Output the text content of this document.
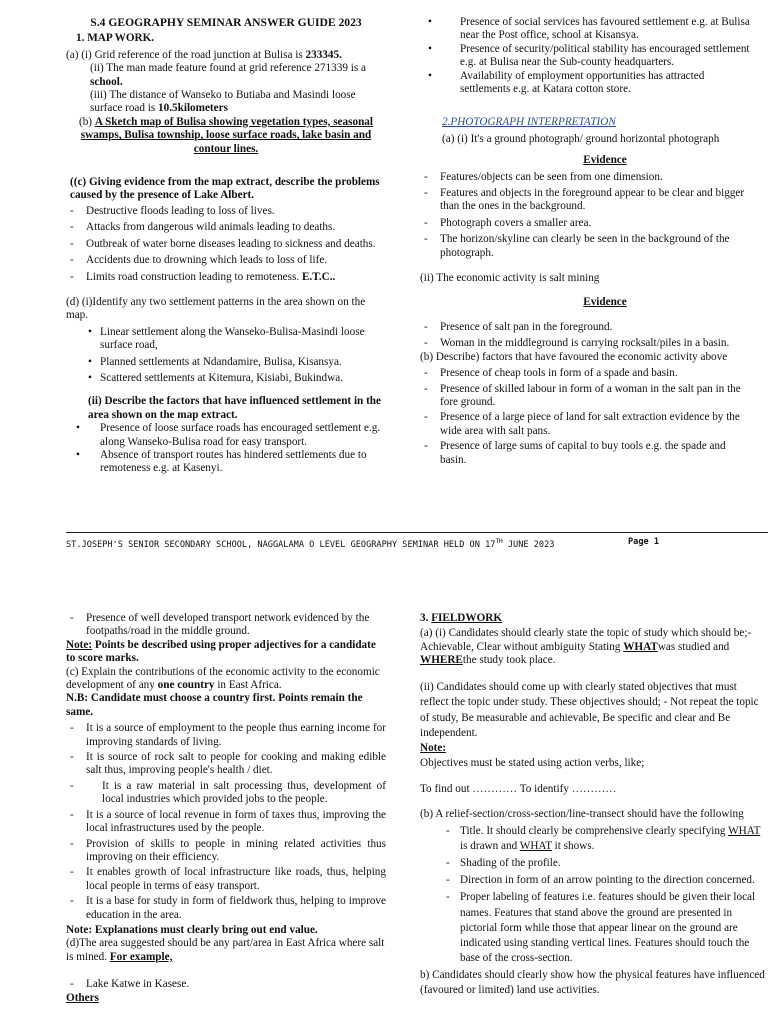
S.4 GEOGRAPHY SEMINAR ANSWER GUIDE 2023

1. MAP WORK.

(a) (i) Grid reference of the road junction at Bulisa is 233345.

(ii) The man made feature found at grid reference 271339 is a school.

(iii) The distance of Wanseko to Butiaba and Masindi loose surface road is 10.5kilometers

(b) A Sketch map of Bulisa showing vegetation types, seasonal swamps, Bulisa township, loose surface roads, lake basin and contour lines.

((c) Giving evidence from the map extract, describe the problems caused by the presence of Lake Albert.

- Destructive floods leading to loss of lives.
- Attacks from dangerous wild animals leading to deaths.
- Outbreak of water borne diseases leading to sickness and deaths.
- Accidents due to drowning which leads to loss of life.
- Limits road construction leading to remoteness. E.T.C..

(d) (i)Identify any two settlement patterns in the area shown on the map.

• Linear settlement along the Wanseko-Bulisa-Masindi loose surface road,
• Planned settlements at Ndandamire, Bulisa, Kisansya.
• Scattered settlements at Kitemura, Kisiabi, Bukindwa.

(ii) Describe the factors that have influenced settlement in the area shown on the map extract.

• Presence of loose surface roads has encouraged settlement e.g. along Wanseko-Bulisa road for easy transport.
• Absence of transport routes has hindered settlements due to remoteness e.g. at Kasenyi.
• Presence of social services has favoured settlement e.g. at Bulisa near the Post office, school at Kisansya.
• Presence of security/political stability has encouraged settlement e.g. at Bulisa near the Sub-county headquarters.
• Availability of employment opportunities has attracted settlements e.g. at Katara cotton store.

2.PHOTOGRAPH INTERPRETATION

(a) (i) It's a ground photograph/ ground horizontal photograph

Evidence

- Features/objects can be seen from one dimension.
- Features and objects in the foreground appear to be clear and bigger than the ones in the background.
- Photograph covers a smaller area.
- The horizon/skyline can clearly be seen in the background of the photograph.

(ii) The economic activity is salt mining

Evidence

- Presence of salt pan in the foreground.
- Woman in the middleground is carrying rocksalt/piles in a basin.

(b) Describe) factors that have favoured the economic activity above

- Presence of cheap tools in form of a spade and basin.
- Presence of skilled labour in form of a woman in the salt pan in the fore ground.
- Presence of a large piece of land for salt extraction evidence by the wide area with salt pans.
- Presence of large sums of capital to buy tools e.g. the spade and basin.
ST.JOSEPH'S SENIOR SECONDARY SCHOOL, NAGGALAMA O LEVEL GEOGRAPHY SEMINAR HELD ON 17TH JUNE 2023	Page 1
- Presence of well developed transport network evidenced by the footpaths/road in the middle ground.

Note: Points be described using proper adjectives for a candidate to score marks.

(c) Explain the contributions of the economic activity to the economic development of any one country in East Africa.

N.B: Candidate must choose a country first. Points remain the same.

- It is a source of employment to the people thus earning income for improving standards of living.
- It is source of rock salt to people for cooking and making edible salt thus, improving people's health / diet.
- It is a raw material in salt processing thus, development of local industries which provided jobs to the people.
- It is a source of local revenue in form of taxes thus, improving the local infrastructures used by the people.
- Provision of skills to people in mining related activities thus improving on their efficiency.
- It enables growth of local infrastructure like roads, thus, helping local people in terms of easy transport.
- It is a base for study in form of fieldwork thus, helping to improve education in the area.

Note: Explanations must clearly bring out end value.

(d)The area suggested should be any part/area in East Africa where salt is mined. For example,

- Lake Katwe in Kasese.

Others

3. FIELDWORK

(a) (i) Candidates should clearly state the topic of study which should be;- Achievable, Clear without ambiguity Stating WHATwas studied and WHEREthe study took place.

(ii) Candidates should come up with clearly stated objectives that must reflect the topic under study. These objectives should; - Not repeat the topic of study, Be measurable and achievable, Be specific and clear and Be independent.

Note:

Objectives must be stated using action verbs, like;

To find out ………… To identify …………

(b) A relief-section/cross-section/line-transect should have the following

- Title. It should clearly be comprehensive clearly specifying WHAT is drawn and WHAT it shows.
- Shading of the profile.
- Direction in form of an arrow pointing to the direction concerned.
- Proper labeling of features i.e. features should be given their local names. Features that stand above the ground are presented in pictorial form while those that appear linear on the ground are indicated using standing vertical lines. Features should touch the base of the cross-section.

b) Candidates should clearly show how the physical features have influenced (favoured or limited) land use activities.
